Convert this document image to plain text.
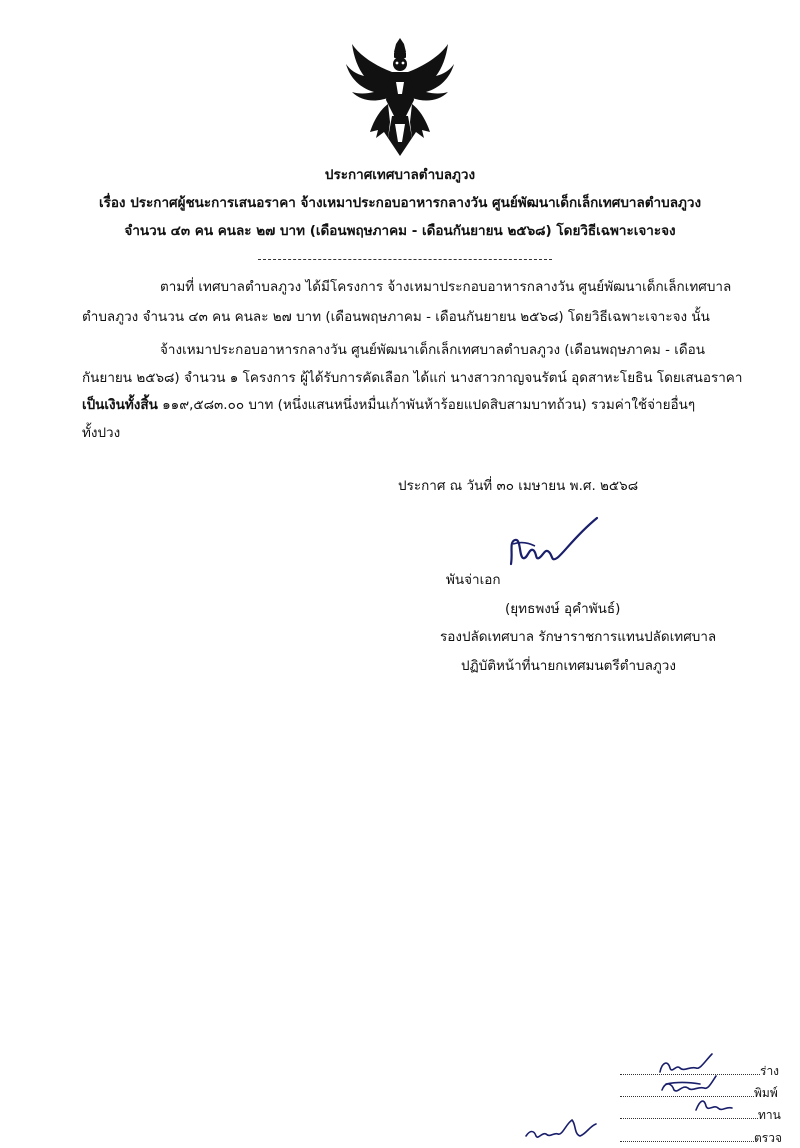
ประกาศเทศบาลตำบลภูวง
เรื่อง ประกาศผู้ชนะการเสนอราคา จ้างเหมาประกอบอาหารกลางวัน ศูนย์พัฒนาเด็กเล็กเทศบาลตำบลภูวง
จำนวน ๔๓ คน คนละ ๒๗ บาท (เดือนพฤษภาคม - เดือนกันยายน ๒๕๖๘) โดยวิธีเฉพาะเจาะจง
ตามที่ เทศบาลตำบลภูวง ได้มีโครงการ จ้างเหมาประกอบอาหารกลางวัน ศูนย์พัฒนาเด็กเล็กเทศบาล
ตำบลภูวง จำนวน ๔๓ คน คนละ ๒๗ บาท (เดือนพฤษภาคม - เดือนกันยายน ๒๕๖๘) โดยวิธีเฉพาะเจาะจง นั้น
จ้างเหมาประกอบอาหารกลางวัน ศูนย์พัฒนาเด็กเล็กเทศบาลตำบลภูวง (เดือนพฤษภาคม - เดือน
กันยายน ๒๕๖๘) จำนวน ๑ โครงการ ผู้ได้รับการคัดเลือก ได้แก่ นางสาวกาญจนรัตน์ อุดสาหะโยธิน โดยเสนอราคา
เป็นเงินทั้งสิ้น ๑๑๙,๕๘๓.๐๐ บาท (หนึ่งแสนหนึ่งหมื่นเก้าพันห้าร้อยแปดสิบสามบาทถ้วน) รวมค่าใช้จ่ายอื่นๆ
ทั้งปวง
ประกาศ ณ วันที่ ๓๐ เมษายน พ.ศ. ๒๕๖๘
พันจ่าเอก
(ยุทธพงษ์ อุคำพันธ์)
รองปลัดเทศบาล รักษาราชการแทนปลัดเทศบาล
ปฏิบัติหน้าที่นายกเทศมนตรีตำบลภูวง
ร่าง
พิมพ์
ทาน
ตรวจ
